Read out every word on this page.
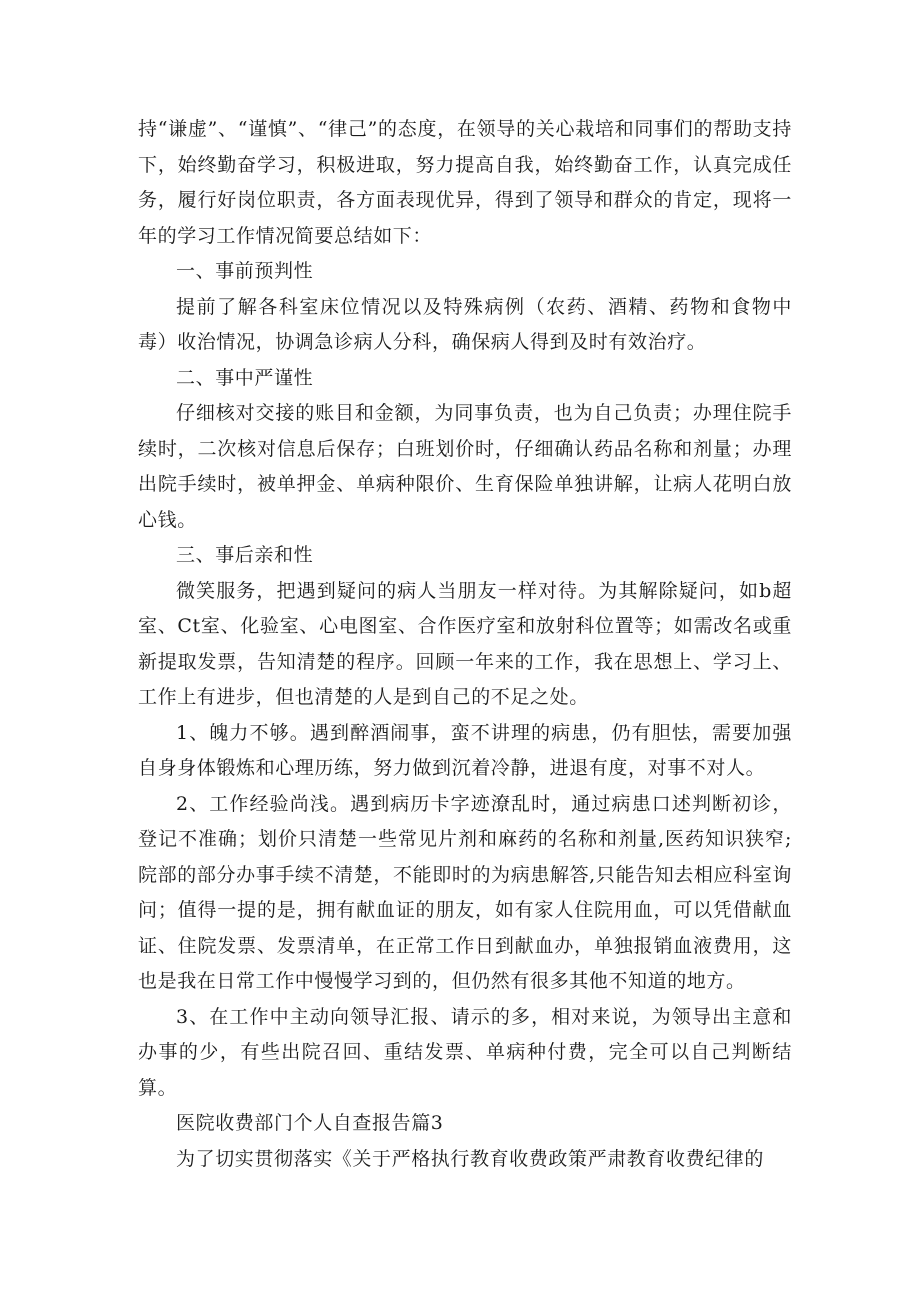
持“谦虚”、“谨慎”、“律己”的态度，在领导的关心栽培和同事们的帮助支持下，始终勤奋学习，积极进取，努力提高自我，始终勤奋工作，认真完成任务，履行好岗位职责，各方面表现优异，得到了领导和群众的肯定，现将一年的学习工作情况简要总结如下：

一、事前预判性

提前了解各科室床位情况以及特殊病例（农药、酒精、药物和食物中毒）收治情况，协调急诊病人分科，确保病人得到及时有效治疗。

二、事中严谨性

仔细核对交接的账目和金额，为同事负责，也为自己负责；办理住院手续时，二次核对信息后保存；白班划价时，仔细确认药品名称和剂量；办理出院手续时，被单押金、单病种限价、生育保险单独讲解，让病人花明白放心钱。

三、事后亲和性

微笑服务，把遇到疑问的病人当朋友一样对待。为其解除疑问，如b超室、Ct室、化验室、心电图室、合作医疗室和放射科位置等；如需改名或重新提取发票，告知清楚的程序。回顾一年来的工作，我在思想上、学习上、工作上有进步，但也清楚的人是到自己的不足之处。

1、魄力不够。遇到醉酒闹事，蛮不讲理的病患，仍有胆怯，需要加强自身身体锻炼和心理历练，努力做到沉着冷静，进退有度，对事不对人。

2、工作经验尚浅。遇到病历卡字迹潦乱时，通过病患口述判断初诊，登记不准确；划价只清楚一些常见片剂和麻药的名称和剂量,医药知识狭窄;院部的部分办事手续不清楚，不能即时的为病患解答,只能告知去相应科室询问；值得一提的是，拥有献血证的朋友，如有家人住院用血，可以凭借献血证、住院发票、发票清单，在正常工作日到献血办，单独报销血液费用，这也是我在日常工作中慢慢学习到的，但仍然有很多其他不知道的地方。

3、在工作中主动向领导汇报、请示的多，相对来说，为领导出主意和办事的少，有些出院召回、重结发票、单病种付费，完全可以自己判断结算。

医院收费部门个人自查报告篇3

为了切实贯彻落实《关于严格执行教育收费政策严肃教育收费纪律的
